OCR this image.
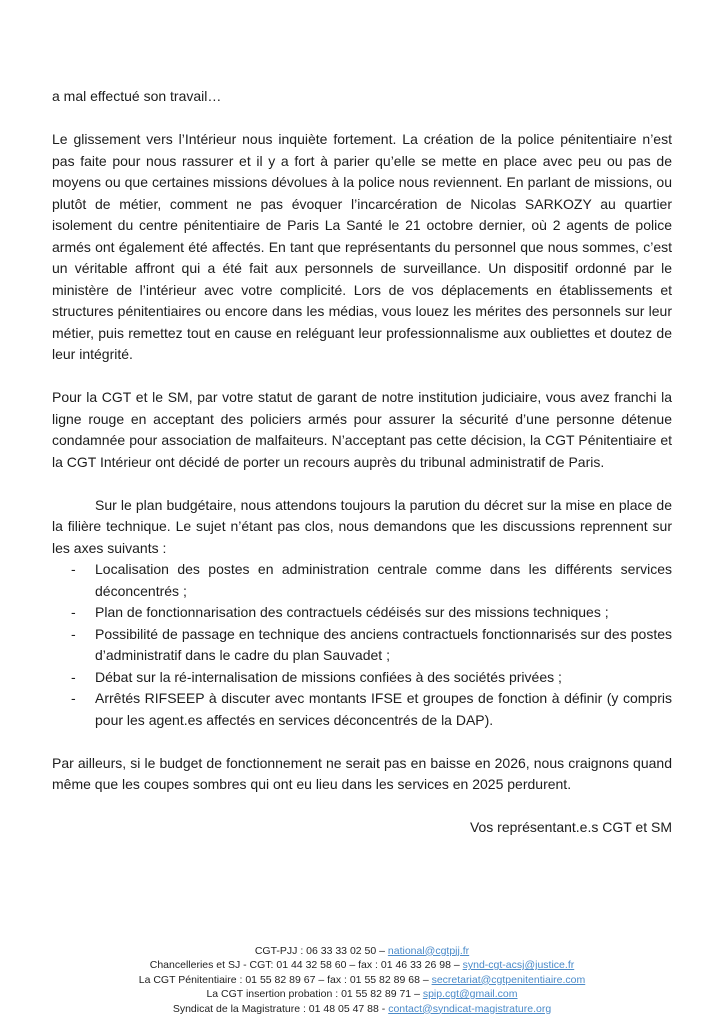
a mal effectué son travail…

Le glissement vers l’Intérieur nous inquiète fortement. La création de la police pénitentiaire n’est pas faite pour nous rassurer et il y a fort à parier qu’elle se mette en place avec peu ou pas de moyens ou que certaines missions dévolues à la police nous reviennent. En parlant de missions, ou plutôt de métier, comment ne pas évoquer l’incarcération de Nicolas SARKOZY au quartier isolement du centre pénitentiaire de Paris La Santé le 21 octobre dernier, où 2 agents de police armés ont également été affectés. En tant que représentants du personnel que nous sommes, c’est un véritable affront qui a été fait aux personnels de surveillance. Un dispositif ordonné par le ministère de l’intérieur avec votre complicité. Lors de vos déplacements en établissements et structures pénitentiaires ou encore dans les médias, vous louez les mérites des personnels sur leur métier, puis remettez tout en cause en reléguant leur professionnalisme aux oubliettes et doutez de leur intégrité.

Pour la CGT et le SM, par votre statut de garant de notre institution judiciaire, vous avez franchi la ligne rouge en acceptant des policiers armés pour assurer la sécurité d’une personne détenue condamnée pour association de malfaiteurs. N’acceptant pas cette décision, la CGT Pénitentiaire et la CGT Intérieur ont décidé de porter un recours auprès du tribunal administratif de Paris.

Sur le plan budgétaire, nous attendons toujours la parution du décret sur la mise en place de la filière technique. Le sujet n’étant pas clos, nous demandons que les discussions reprennent sur les axes suivants :

- Localisation des postes en administration centrale comme dans les différents services déconcentrés ;
- Plan de fonctionnarisation des contractuels cédéisés sur des missions techniques ;
- Possibilité de passage en technique des anciens contractuels fonctionnarisés sur des postes d’administratif dans le cadre du plan Sauvadet ;
- Débat sur la ré-internalisation de missions confiées à des sociétés privées ;
- Arrêtés RIFSEEP à discuter avec montants IFSE et groupes de fonction à définir (y compris pour les agent.es affectés en services déconcentrés de la DAP).

Par ailleurs, si le budget de fonctionnement ne serait pas en baisse en 2026, nous craignons quand même que les coupes sombres qui ont eu lieu dans les services en 2025 perdurent.

Vos représentant.e.s CGT et SM

CGT-PJJ : 06 33 33 02 50 – national@cgtpjj.fr
Chancelleries et SJ - CGT: 01 44 32 58 60 – fax : 01 46 33 26 98 – synd-cgt-acsj@justice.fr
La CGT Pénitentiaire : 01 55 82 89 67 – fax : 01 55 82 89 68 – secretariat@cgtpenitentiaire.com
La CGT insertion probation : 01 55 82 89 71 – spip.cgt@gmail.com
Syndicat de la Magistrature : 01 48 05 47 88 - contact@syndicat-magistrature.org
